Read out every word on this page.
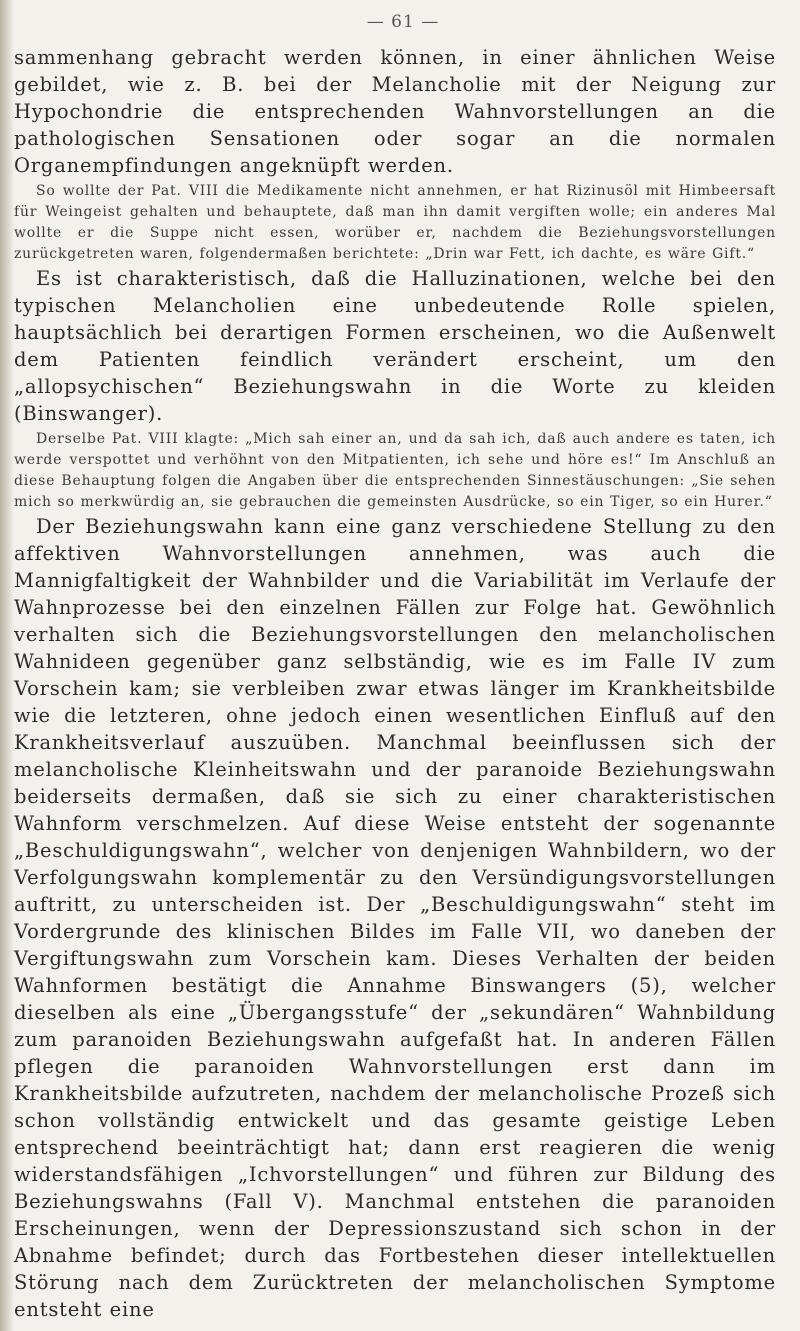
— 61 —

sammenhang gebracht werden können, in einer ähnlichen Weise gebildet, wie z. B. bei der Melancholie mit der Neigung zur Hypochondrie die entsprechenden Wahnvorstellungen an die pathologischen Sensationen oder sogar an die normalen Organempfindungen angeknüpft werden.

So wollte der Pat. VIII die Medikamente nicht annehmen, er hat Rizinusöl mit Himbeersaft für Weingeist gehalten und behauptete, daß man ihn damit vergiften wolle; ein anderes Mal wollte er die Suppe nicht essen, worüber er, nachdem die Beziehungsvorstellungen zurückgetreten waren, folgendermaßen berichtete: „Drin war Fett, ich dachte, es wäre Gift.“

Es ist charakteristisch, daß die Halluzinationen, welche bei den typischen Melancholien eine unbedeutende Rolle spielen, hauptsächlich bei derartigen Formen erscheinen, wo die Außenwelt dem Patienten feindlich verändert erscheint, um den „allopsychischen“ Beziehungswahn in die Worte zu kleiden (Binswanger).

Derselbe Pat. VIII klagte: „Mich sah einer an, und da sah ich, daß auch andere es taten, ich werde verspottet und verhöhnt von den Mitpatienten, ich sehe und höre es!“ Im Anschluß an diese Behauptung folgen die Angaben über die entsprechenden Sinnestäuschungen: „Sie sehen mich so merkwürdig an, sie gebrauchen die gemeinsten Ausdrücke, so ein Tiger, so ein Hurer.“

Der Beziehungswahn kann eine ganz verschiedene Stellung zu den affektiven Wahnvorstellungen annehmen, was auch die Mannigfaltigkeit der Wahnbilder und die Variabilität im Verlaufe der Wahnprozesse bei den einzelnen Fällen zur Folge hat. Gewöhnlich verhalten sich die Beziehungsvorstellungen den melancholischen Wahnideen gegenüber ganz selbständig, wie es im Falle IV zum Vorschein kam; sie verbleiben zwar etwas länger im Krankheitsbilde wie die letzteren, ohne jedoch einen wesentlichen Einfluß auf den Krankheitsverlauf auszuüben. Manchmal beeinflussen sich der melancholische Kleinheitswahn und der paranoide Beziehungswahn beiderseits dermaßen, daß sie sich zu einer charakteristischen Wahnform verschmelzen. Auf diese Weise entsteht der sogenannte „Beschuldigungswahn“, welcher von denjenigen Wahnbildern, wo der Verfolgungswahn komplementär zu den Versündigungsvorstellungen auftritt, zu unterscheiden ist. Der „Beschuldigungswahn“ steht im Vordergrunde des klinischen Bildes im Falle VII, wo daneben der Vergiftungswahn zum Vorschein kam. Dieses Verhalten der beiden Wahnformen bestätigt die Annahme Binswangers (5), welcher dieselben als eine „Übergangsstufe“ der „sekundären“ Wahnbildung zum paranoiden Beziehungswahn aufgefaßt hat. In anderen Fällen pflegen die paranoiden Wahnvorstellungen erst dann im Krankheitsbilde aufzutreten, nachdem der melancholische Prozeß sich schon vollständig entwickelt und das gesamte geistige Leben entsprechend beeinträchtigt hat; dann erst reagieren die wenig widerstandsfähigen „Ichvorstellungen“ und führen zur Bildung des Beziehungswahns (Fall V). Manchmal entstehen die paranoiden Erscheinungen, wenn der Depressionszustand sich schon in der Abnahme befindet; durch das Fortbestehen dieser intellektuellen Störung nach dem Zurücktreten der melancholischen Symptome entsteht eine
